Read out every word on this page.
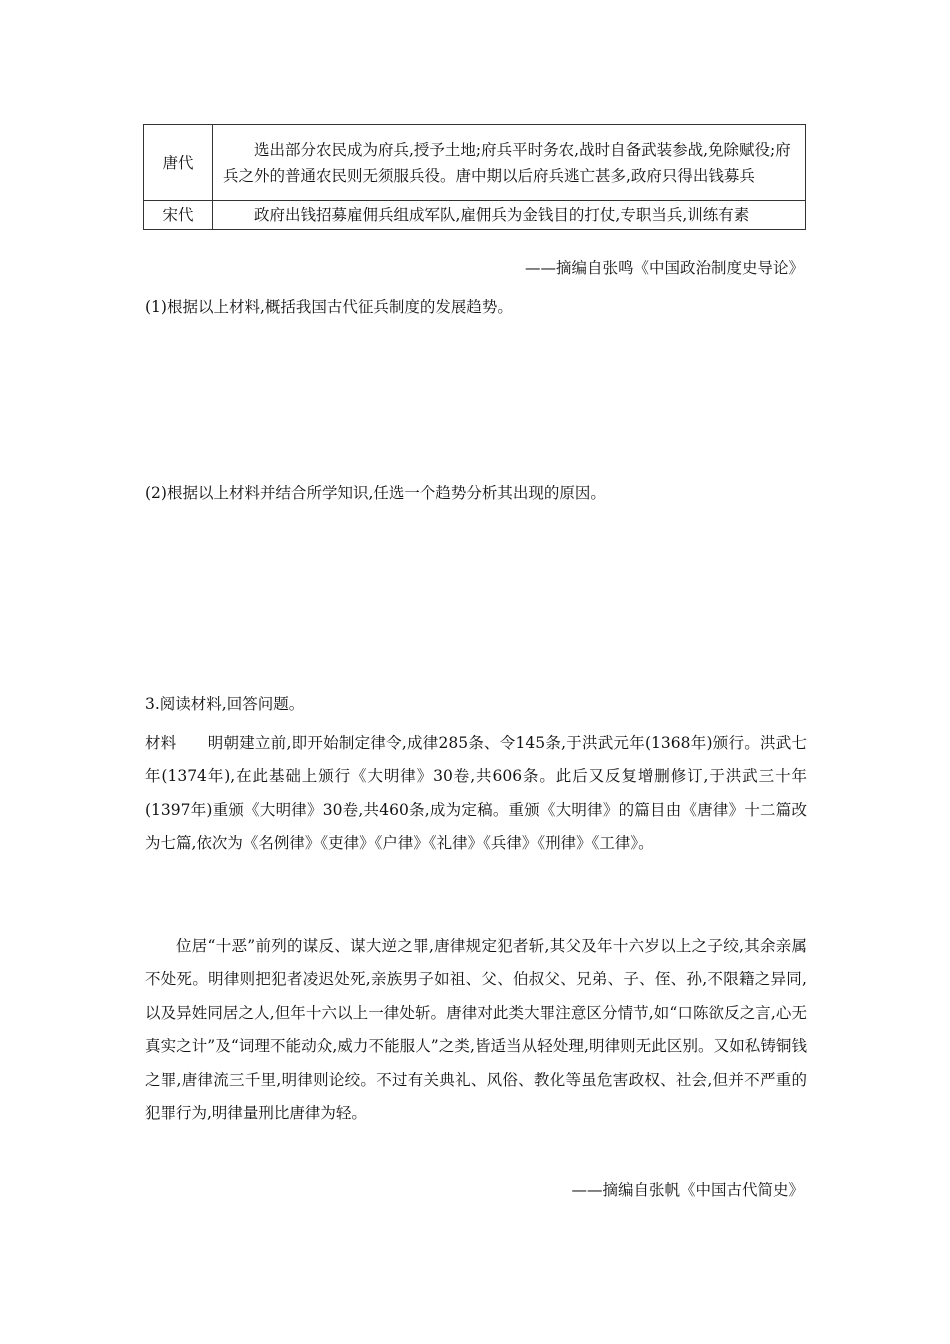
唐代	选出部分农民成为府兵,授予土地;府兵平时务农,战时自备武装参战,免除赋役;府兵之外的普通农民则无须服兵役。唐中期以后府兵逃亡甚多,政府只得出钱募兵

宋代	政府出钱招募雇佣兵组成军队,雇佣兵为金钱目的打仗,专职当兵,训练有素
——摘编自张鸣《中国政治制度史导论》
(1)根据以上材料,概括我国古代征兵制度的发展趋势。
(2)根据以上材料并结合所学知识,任选一个趋势分析其出现的原因。
3.阅读材料,回答问题。
材料 明朝建立前,即开始制定律令,成律285条、令145条,于洪武元年(1368年)颁行。洪武七年(1374年),在此基础上颁行《大明律》30卷,共606条。此后又反复增删修订,于洪武三十年(1397年)重颁《大明律》30卷,共460条,成为定稿。重颁《大明律》的篇目由《唐律》十二篇改为七篇,依次为《名例律》《吏律》《户律》《礼律》《兵律》《刑律》《工律》。
位居“十恶”前列的谋反、谋大逆之罪,唐律规定犯者斩,其父及年十六岁以上之子绞,其余亲属不处死。明律则把犯者凌迟处死,亲族男子如祖、父、伯叔父、兄弟、子、侄、孙,不限籍之异同,以及异姓同居之人,但年十六以上一律处斩。唐律对此类大罪注意区分情节,如“口陈欲反之言,心无真实之计”及“词理不能动众,威力不能服人”之类,皆适当从轻处理,明律则无此区别。又如私铸铜钱之罪,唐律流三千里,明律则论绞。不过有关典礼、风俗、教化等虽危害政权、社会,但并不严重的犯罪行为,明律量刑比唐律为轻。
——摘编自张帆《中国古代简史》
